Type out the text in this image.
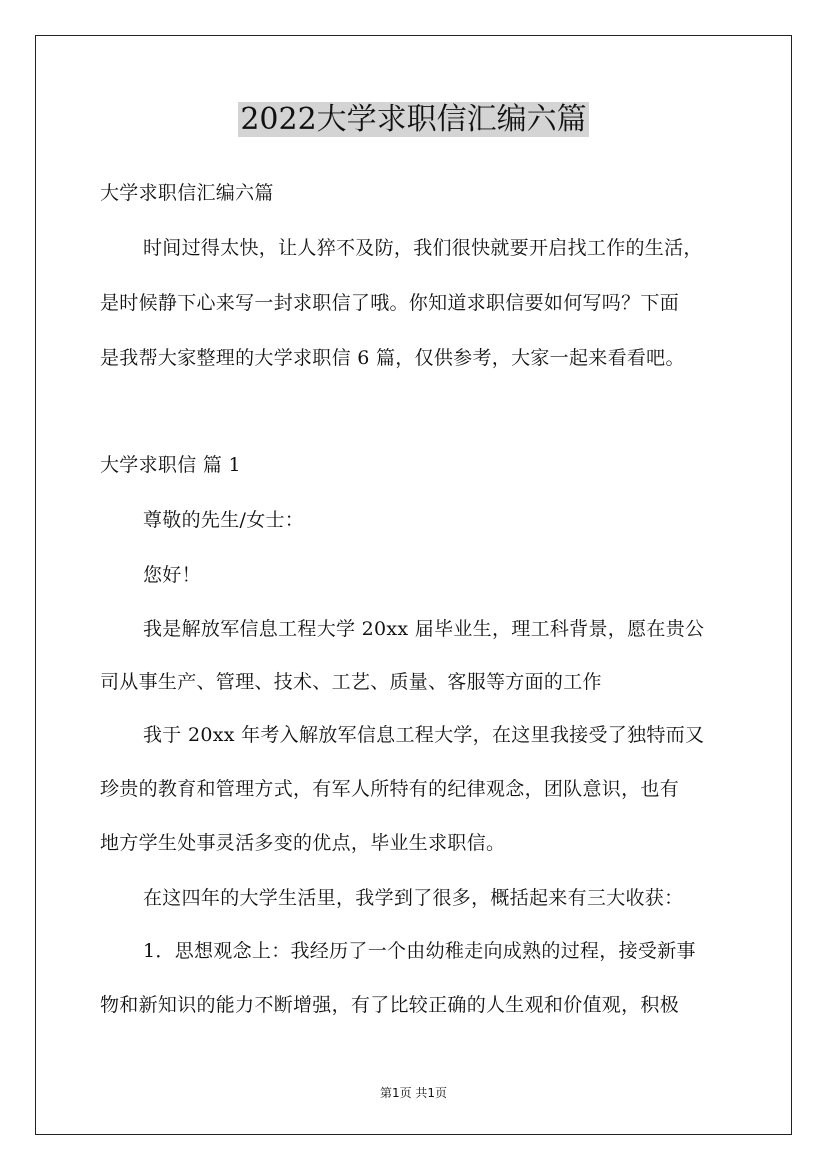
2022大学求职信汇编六篇
大学求职信汇编六篇
时间过得太快，让人猝不及防，我们很快就要开启找工作的生活，
是时候静下心来写一封求职信了哦。你知道求职信要如何写吗？下面
是我帮大家整理的大学求职信 6 篇，仅供参考，大家一起来看看吧。
大学求职信 篇 1
尊敬的先生/女士：
您好！
我是解放军信息工程大学 20xx 届毕业生，理工科背景，愿在贵公
司从事生产、管理、技术、工艺、质量、客服等方面的工作
我于 20xx 年考入解放军信息工程大学，在这里我接受了独特而又
珍贵的教育和管理方式，有军人所特有的纪律观念，团队意识，也有
地方学生处事灵活多变的优点，毕业生求职信。
在这四年的大学生活里，我学到了很多，概括起来有三大收获：
1．思想观念上：我经历了一个由幼稚走向成熟的过程，接受新事
物和新知识的能力不断增强，有了比较正确的人生观和价值观，积极
第1页 共1页
